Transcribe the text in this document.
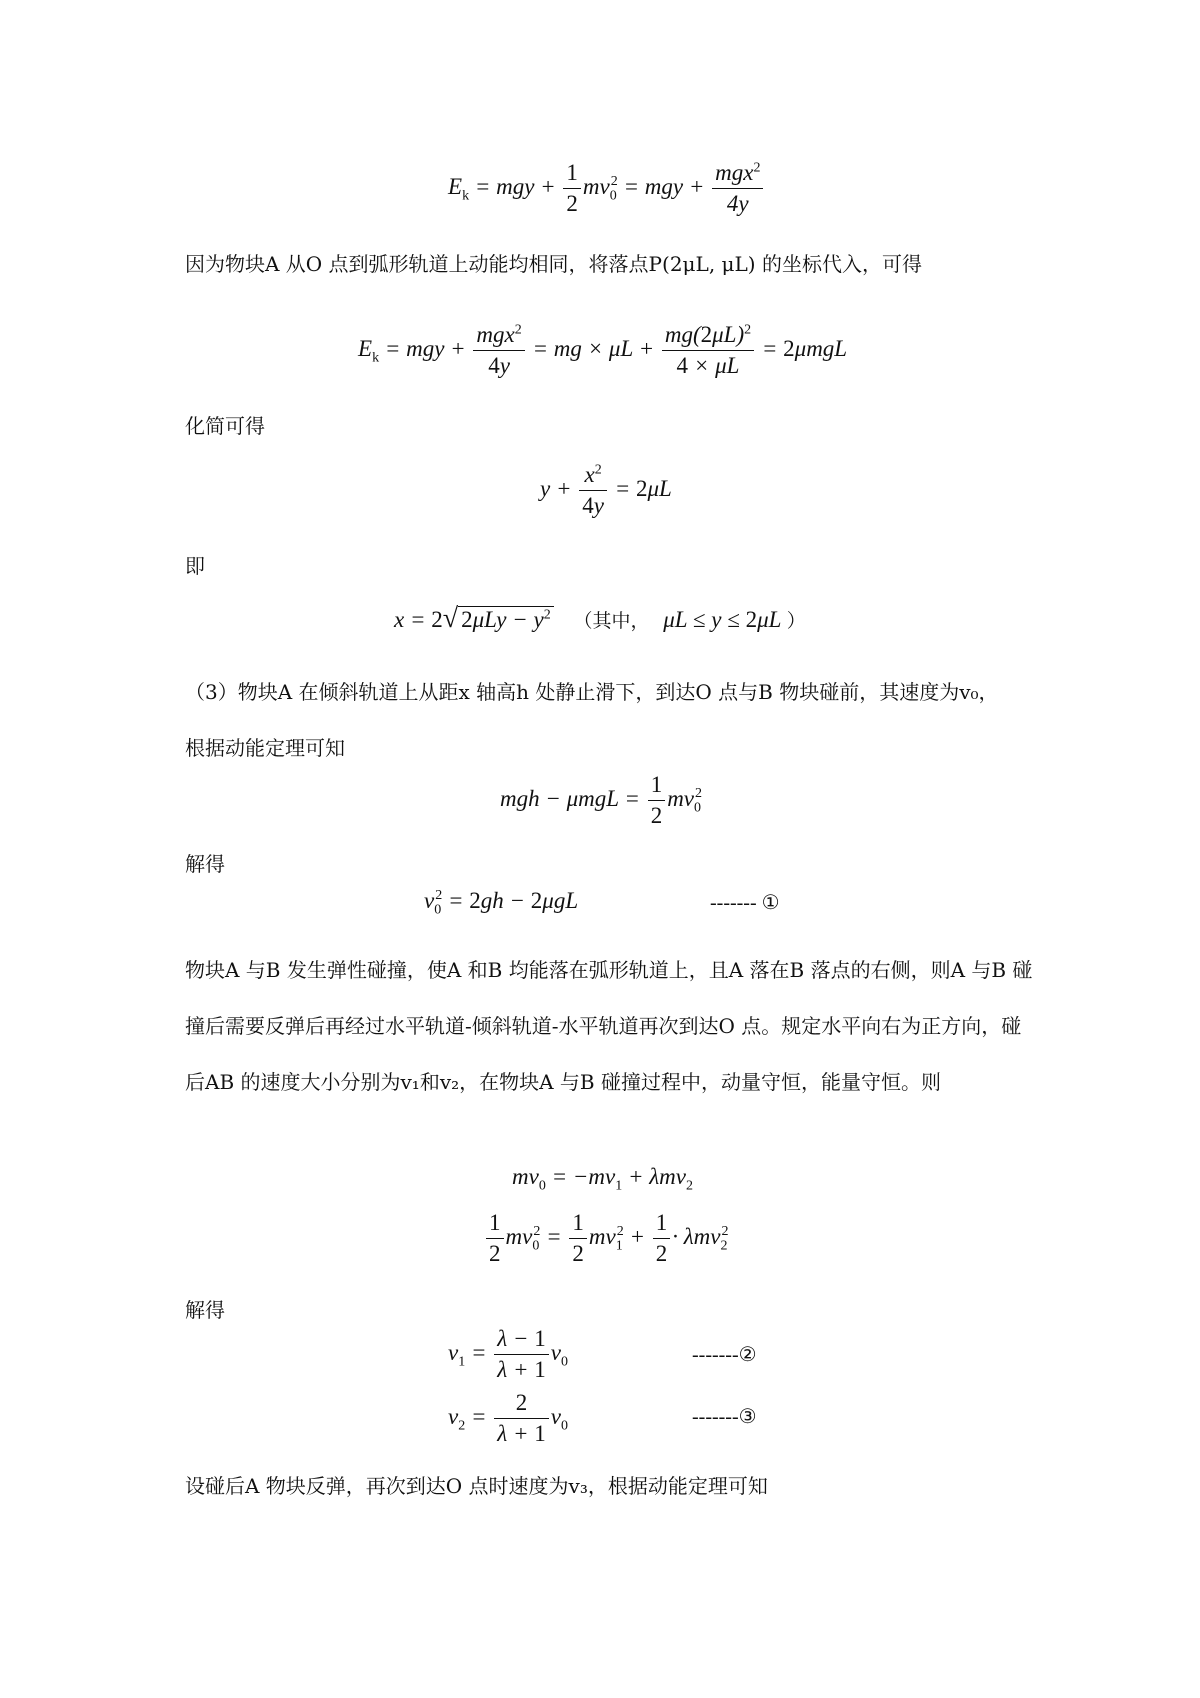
$E_k$ = mgy + $\frac{1}{2} mv_0^2$ = mgy + $\frac{mgx^2}{4y}$
因为物块A 从O 点到弧形轨道上动能均相同，将落点P(2μL, μL) 的坐标代入，可得
$E_k$ = mgy + $\frac{mgx^2}{4y}$ = mg × $\mu L + \frac{mg(2\mu L)^2}{4 \times \mu L} = 2\mu mgL$
化简可得
$y + \frac{x^2}{4y} = 2\mu L$
即
x = 2√ $2\mu Ly - y^2$ （其中， μL ≤ y ≤ 2μL ）
（3）物块A 在倾斜轨道上从距x 轴高h 处静止滑下，到达O 点与B 物块碰前，其速度为v₀，
根据动能定理可知
mgh − $\mu mgL = \frac{1}{2} mv_0^2$
解得
$v_0^2 = 2gh - 2\mu gL$	------- ①
物块A 与B 发生弹性碰撞，使A 和B 均能落在弧形轨道上，且A 落在B 落点的右侧，则A 与B 碰撞后需要反弹后再经过水平轨道-倾斜轨道-水平轨道再次到达O 点。规定水平向右为正方向，碰后AB 的速度大小分别为v₁和v₂，在物块A 与B 碰撞过程中，动量守恒，能量守恒。则
$mv_0 = -mv_1 + \lambda mv_2$
$\frac{1}{2} mv_0^2 = \frac{1}{2} mv_1^2 + \frac{1}{2} \cdot \lambda mv_2^2$
解得
$v_1 = \frac{\lambda - 1}{\lambda + 1} v_0$	-------②
$v_2 = \frac{2}{\lambda + 1} v_0$	-------③
设碰后A 物块反弹，再次到达O 点时速度为v₃，根据动能定理可知
